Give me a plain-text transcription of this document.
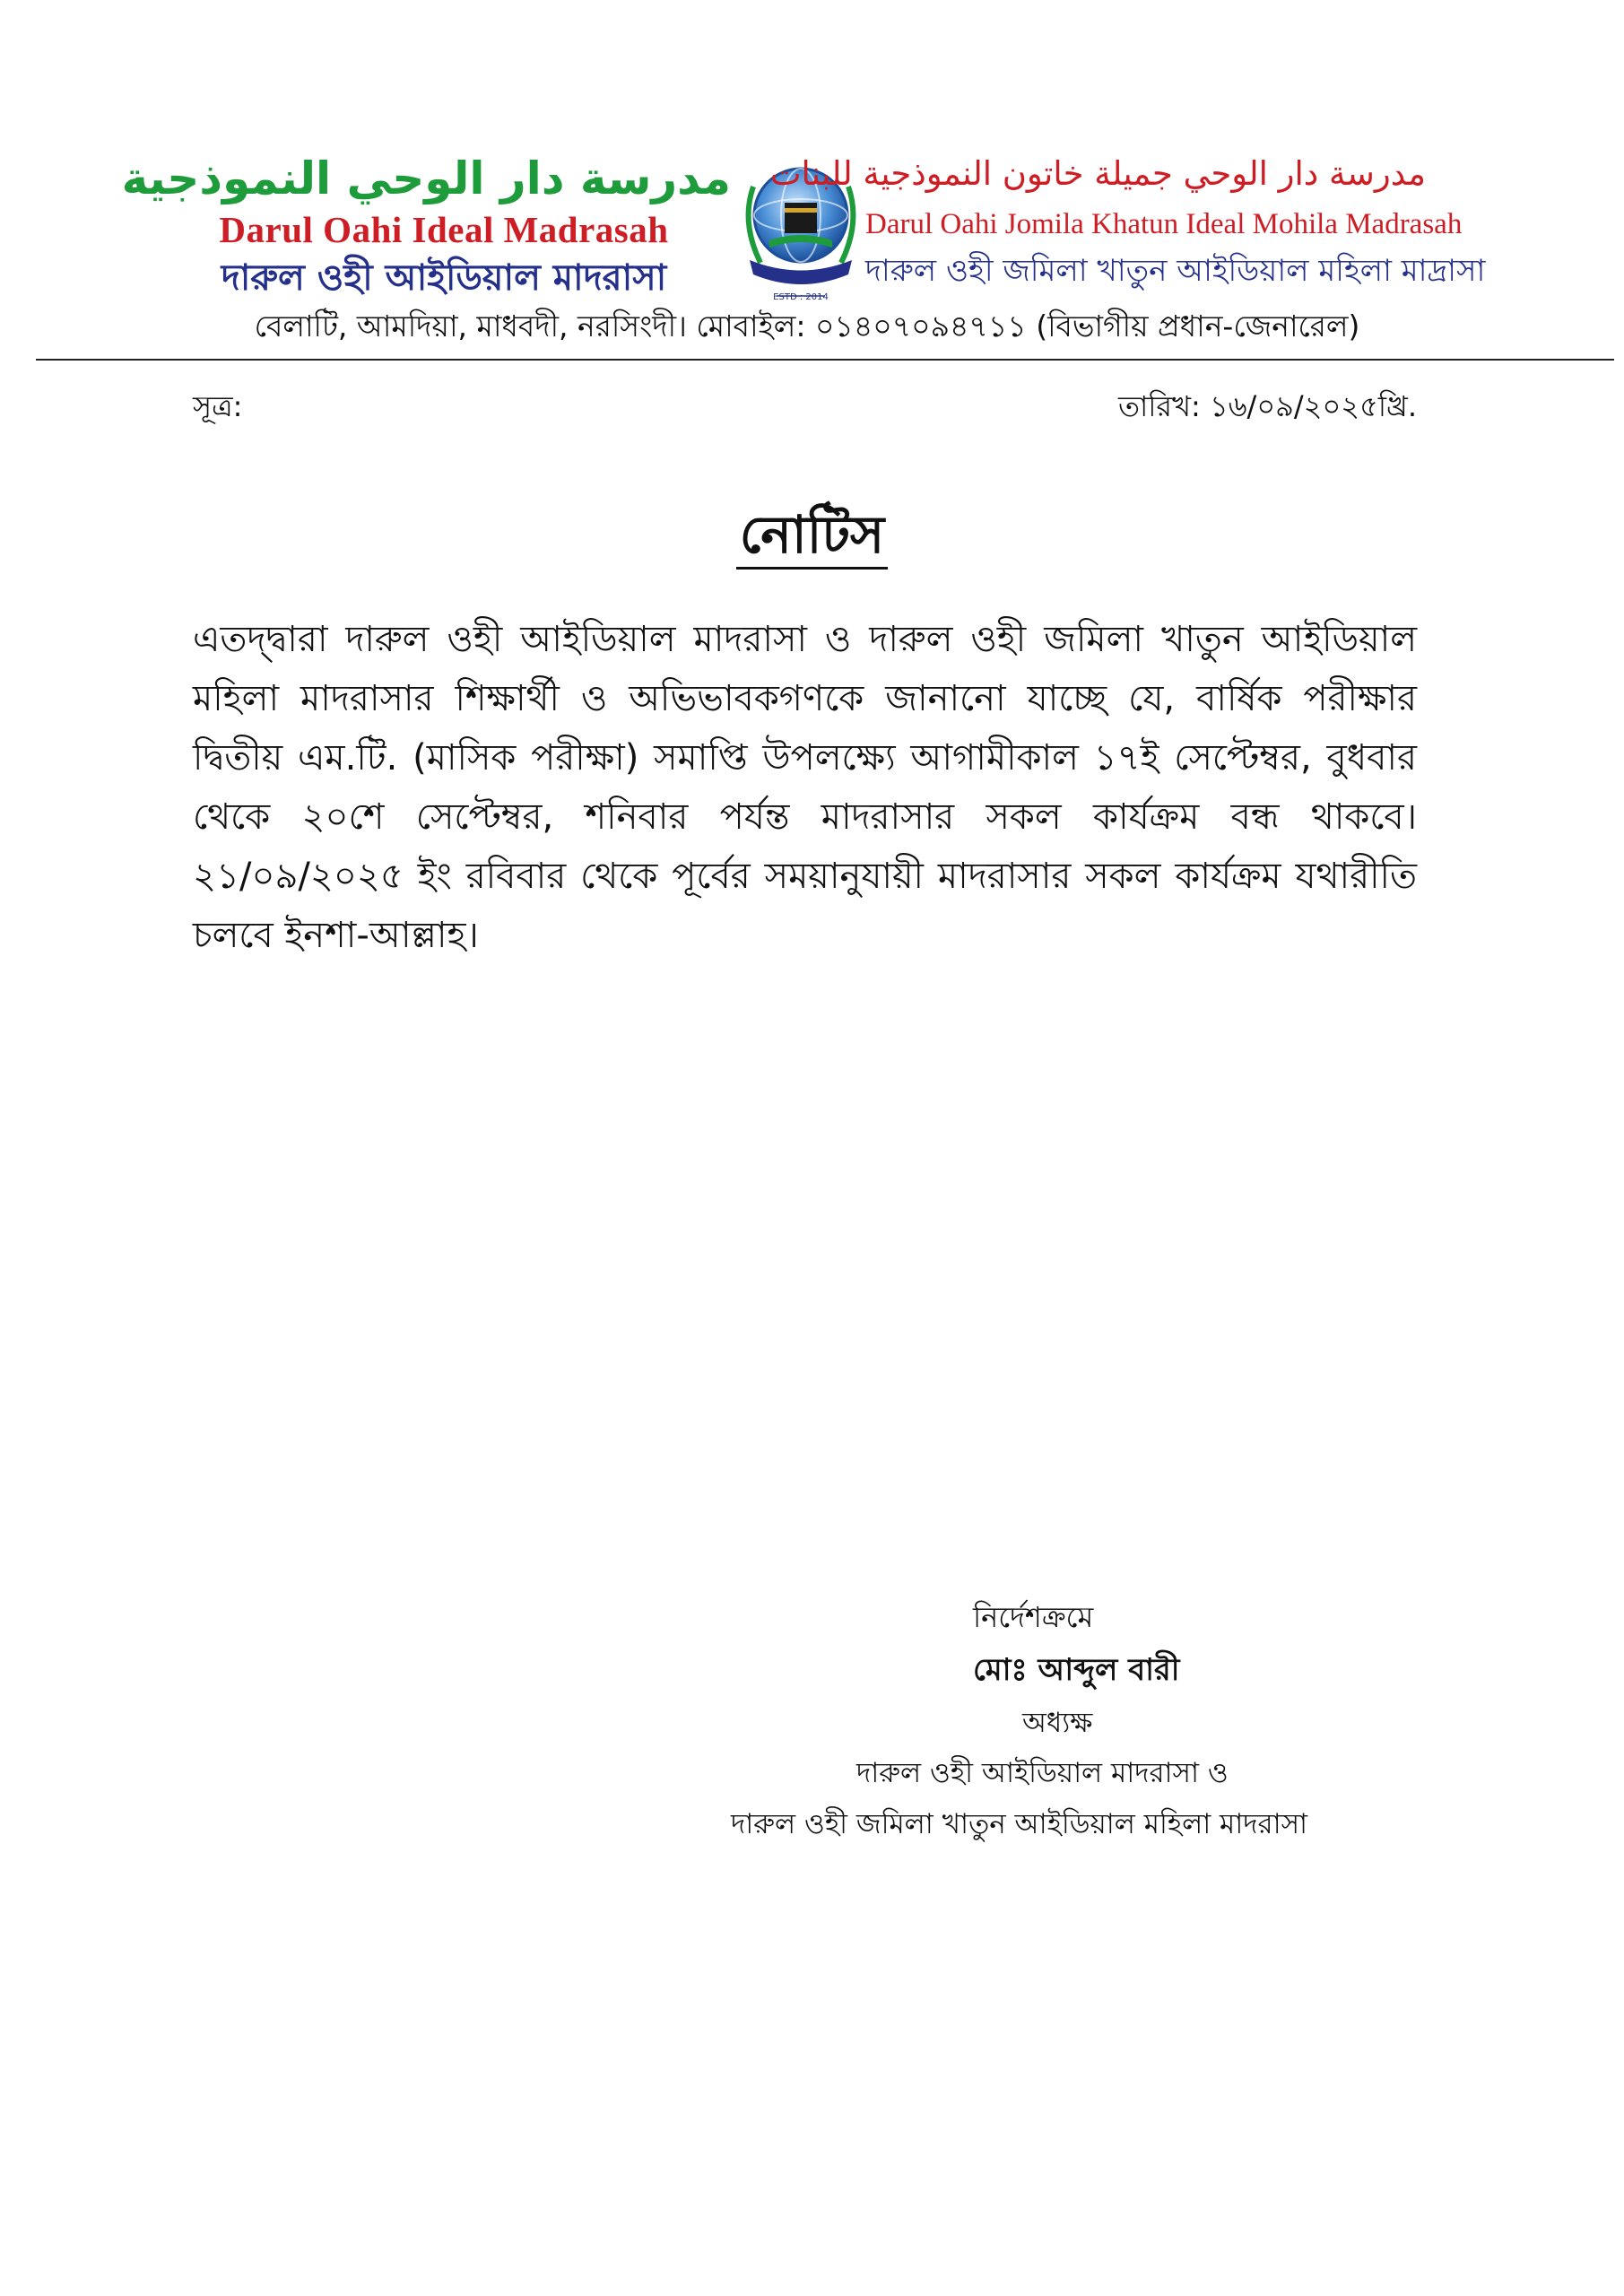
مدرسة دار الوحي النموذجية
Darul Oahi Ideal Madrasah
দারুল ওহী আইডিয়াল মাদরাসা	ESTD : 2014
مدرسة دار الوحي جميلة خاتون النموذجية للبنات
Darul Oahi Jomila Khatun Ideal Mohila Madrasah
দারুল ওহী জমিলা খাতুন আইডিয়াল মহিলা মাদ্রাসা
বেলাটি, আমদিয়া, মাধবদী, নরসিংদী। মোবাইল: ০১৪০৭০৯৪৭১১ (বিভাগীয় প্রধান-জেনারেল)
সূত্র:	তারিখ: ১৬/০৯/২০২৫খ্রি.
নোটিস
এতদ্দ্বারা দারুল ওহী আইডিয়াল মাদরাসা ও দারুল ওহী জমিলা খাতুন আইডিয়াল মহিলা মাদরাসার শিক্ষার্থী ও অভিভাবকগণকে জানানো যাচ্ছে যে, বার্ষিক পরীক্ষার দ্বিতীয় এম.টি. (মাসিক পরীক্ষা) সমাপ্তি উপলক্ষ্যে আগামীকাল ১৭ই সেপ্টেম্বর, বুধবার থেকে ২০শে সেপ্টেম্বর, শনিবার পর্যন্ত মাদরাসার সকল কার্যক্রম বন্ধ থাকবে। ২১/০৯/২০২৫ ইং রবিবার থেকে পূর্বের সময়ানুযায়ী মাদরাসার সকল কার্যক্রম যথারীতি চলবে ইনশা-আল্লাহ।
নির্দেশক্রমে
মোঃ আব্দুল বারী
অধ্যক্ষ
দারুল ওহী আইডিয়াল মাদরাসা ও
দারুল ওহী জমিলা খাতুন আইডিয়াল মহিলা মাদরাসা
